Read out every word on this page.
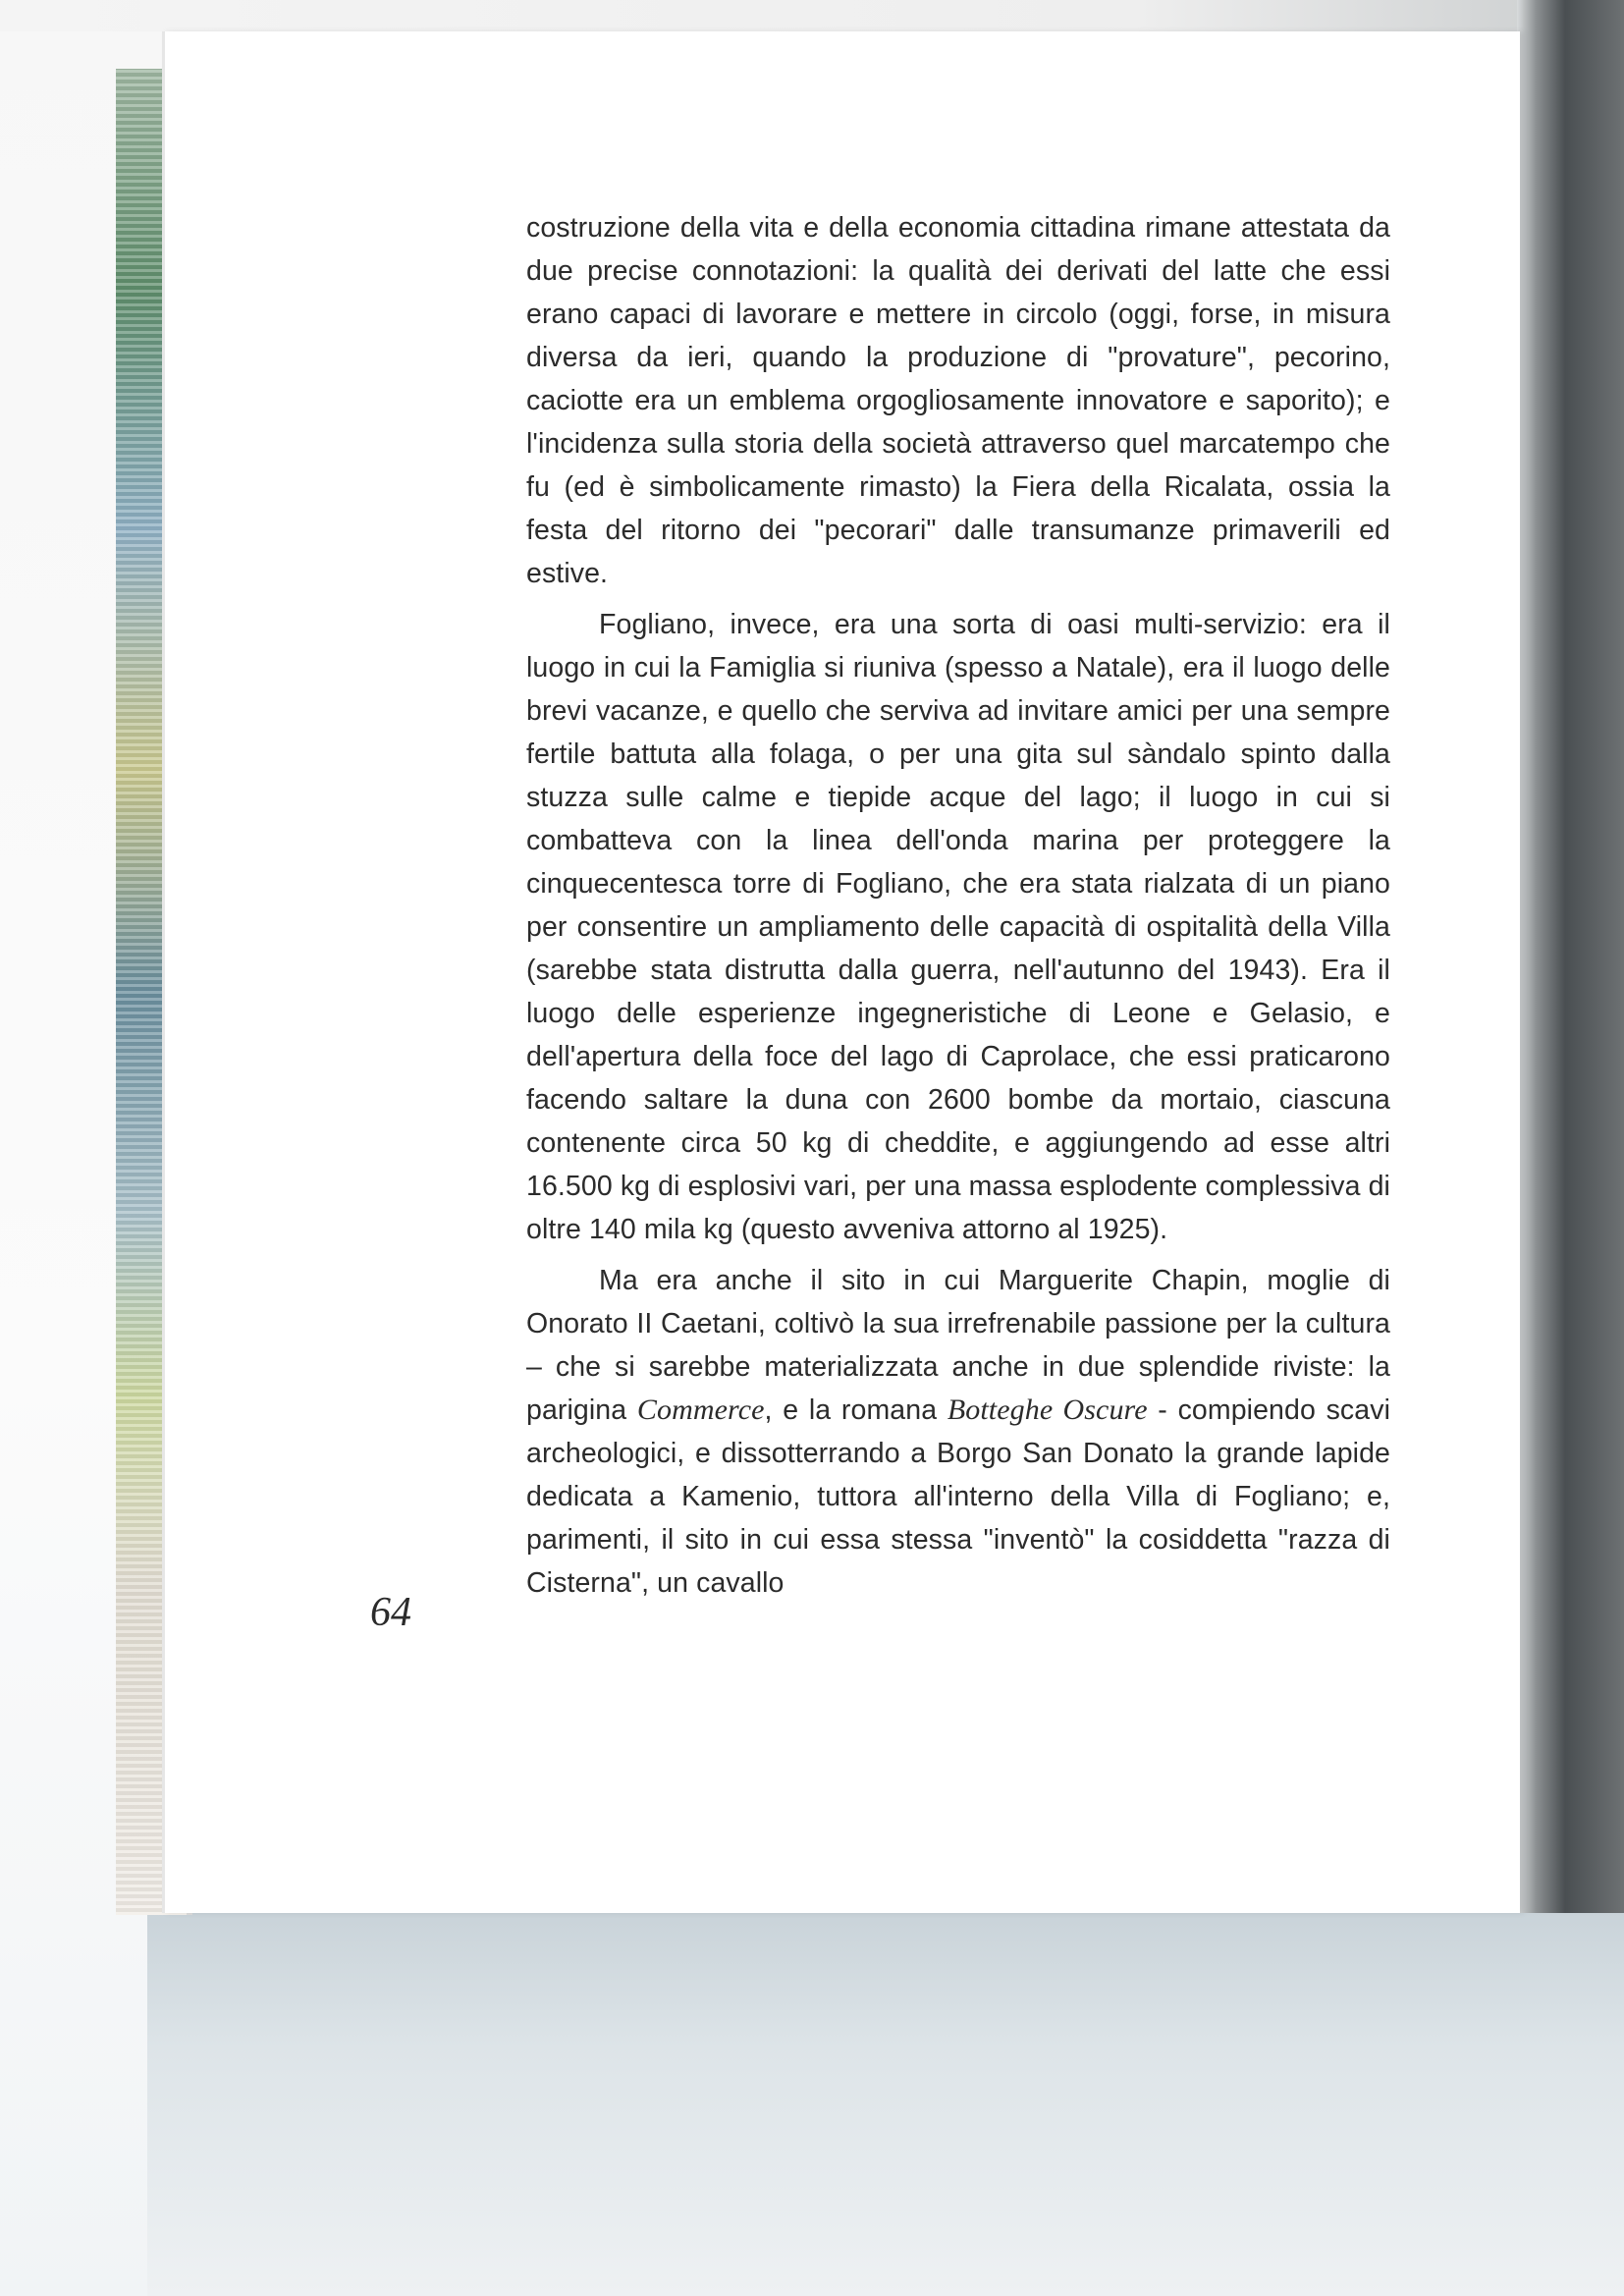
costruzione della vita e della economia cittadina rimane attestata da due precise connotazioni: la qualità dei derivati del latte che essi erano capaci di lavorare e mettere in circolo (oggi, forse, in misura diversa da ieri, quando la produzione di "provature", pecorino, caciotte era un emblema orgogliosamente innovatore e saporito); e l'incidenza sulla storia della società attraverso quel marcatempo che fu (ed è simbolicamente rimasto) la Fiera della Ricalata, ossia la festa del ritorno dei "pecorari" dalle transumanze primaverili ed estive.

Fogliano, invece, era una sorta di oasi multi-servizio: era il luogo in cui la Famiglia si riuniva (spesso a Natale), era il luogo delle brevi vacanze, e quello che serviva ad invitare amici per una sempre fertile battuta alla folaga, o per una gita sul sàndalo spinto dalla stuzza sulle calme e tiepide acque del lago; il luogo in cui si combatteva con la linea dell'onda marina per proteggere la cinquecentesca torre di Fogliano, che era stata rialzata di un piano per consentire un ampliamento delle capacità di ospitalità della Villa (sarebbe stata distrutta dalla guerra, nell'autunno del 1943). Era il luogo delle esperienze ingegneristiche di Leone e Gelasio, e dell'apertura della foce del lago di Caprolace, che essi praticarono facendo saltare la duna con 2600 bombe da mortaio, ciascuna contenente circa 50 kg di cheddite, e aggiungendo ad esse altri 16.500 kg di esplosivi vari, per una massa esplodente complessiva di oltre 140 mila kg (questo avveniva attorno al 1925).

Ma era anche il sito in cui Marguerite Chapin, moglie di Onorato II Caetani, coltivò la sua irrefrenabile passione per la cultura – che si sarebbe materializzata anche in due splendide riviste: la parigina Commerce, e la romana Botteghe Oscure - compiendo scavi archeologici, e dissotterrando a Borgo San Donato la grande lapide dedicata a Kamenio, tuttora all'interno della Villa di Fogliano; e, parimenti, il sito in cui essa stessa "inventò" la cosiddetta "razza di Cisterna", un cavallo

64
